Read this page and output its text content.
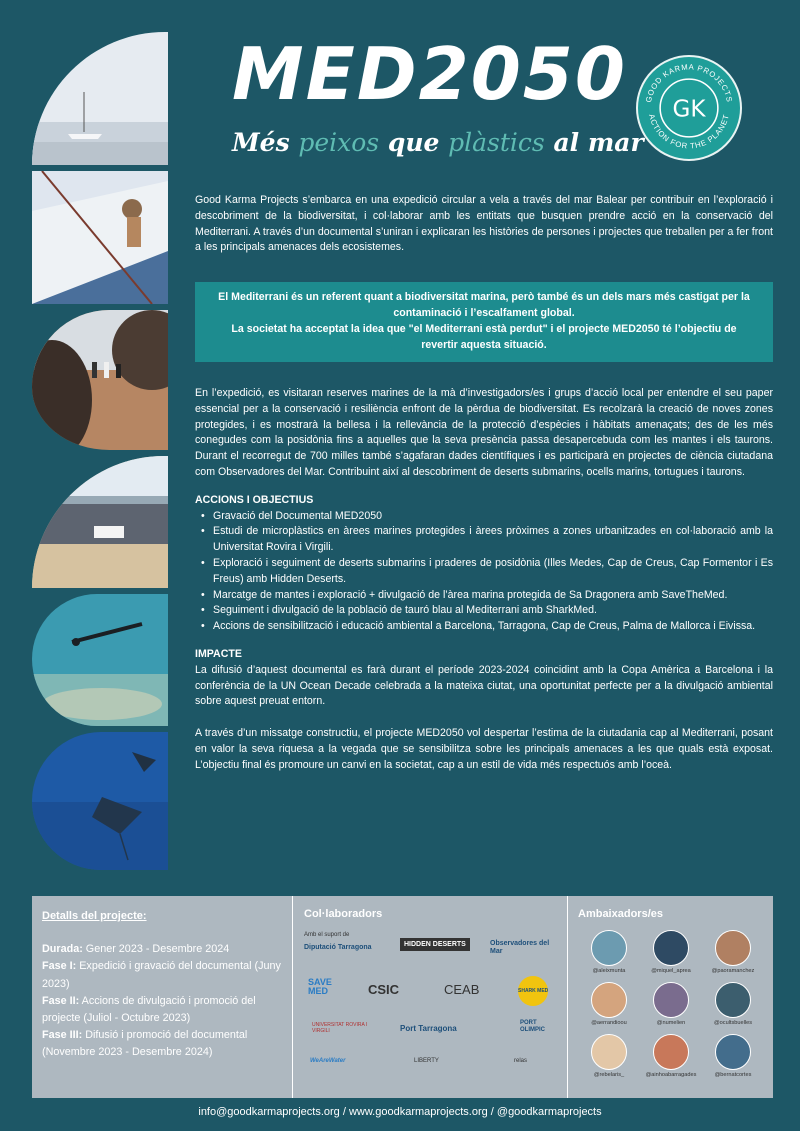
MED2050
Més peixos que plàstics al mar
GOOD KARMA PROJECTS
ACTION FOR THE PLANET
GK

Good Karma Projects s’embarca en una expedició circular a vela a través del mar Balear per contribuir en l’exploració i descobriment de la biodiversitat, i col·laborar amb les entitats que busquen prendre acció en la conservació del Mediterrani. A través d’un documental s’uniran i explicaran les històries de persones i projectes que treballen per a fer front a les principals amenaces dels ecosistemes.

El Mediterrani és un referent quant a biodiversitat marina, però també és un dels mars més castigat per la contaminació i l’escalfament global.
La societat ha acceptat la idea que "el Mediterrani està perdut" i el projecte MED2050 té l’objectiu de revertir aquesta situació.

En l’expedició, es visitaran reserves marines de la mà d’investigadors/es i grups d’acció local per entendre el seu paper essencial per a la conservació i resiliència enfront de la pèrdua de biodiversitat. Es recolzarà la creació de noves zones protegides, i es mostrarà la bellesa i la rellevància de la protecció d’espècies i hàbitats amenaçats; des de les més conegudes com la posidònia fins a aquelles que la seva presència passa desapercebuda com les mantes i els taurons. Durant el recorregut de 700 milles també s’agafaran dades científiques i es participarà en projectes de ciència ciutadana com Observadores del Mar. Contribuint així al descobriment de deserts submarins, ocells marins, tortugues i taurons.

ACCIONS I OBJECTIUS
• Gravació del Documental MED2050
• Estudi de microplàstics en àrees marines protegides i àrees pròximes a zones urbanitzades en col·laboració amb la Universitat Rovira i Virgili.
• Exploració i seguiment de deserts submarins i praderes de posidònia (Illes Medes, Cap de Creus, Cap Formentor i Es Freus) amb Hidden Deserts.
• Marcatge de mantes i exploració + divulgació de l’àrea marina protegida de Sa Dragonera amb SaveTheMed.
• Seguiment i divulgació de la població de tauró blau al Mediterrani amb SharkMed.
• Accions de sensibilització i educació ambiental a Barcelona, Tarragona, Cap de Creus, Palma de Mallorca i Eivissa.
IMPACTE

La difusió d’aquest documental es farà durant el període 2023-2024 coincidint amb la Copa Amèrica a Barcelona i la conferència de la UN Ocean Decade celebrada a la mateixa ciutat, una oportunitat perfecte per a la divulgació ambiental sobre aquest preuat entorn.

A través d’un missatge constructiu, el projecte MED2050 vol despertar l’estima de la ciutadania cap al Mediterrani, posant en valor la seva riquesa a la vegada que se sensibilitza sobre les principals amenaces a les que quals està exposat. L’objectiu final és promoure un canvi en la societat, cap a un estil de vida més respectuós amb l’oceà.

Detalls del projecte:
Durada: Gener 2023 - Desembre 2024
Fase I: Expedició i gravació del documental (Juny 2023)
Fase II: Accions de divulgació i promoció del projecte (Juliol - Octubre 2023)
Fase III: Difusió i promoció del documental (Novembre 2023 - Desembre 2024)
Col·laboradors
Amb el suport de
Diputació Tarragona	HIDDEN DESERTS	Observadores del Mar
SAVE MED	CSIC	CEAB	SHARK MED
UNIVERSITAT ROVIRA I VIRGILI	Port Tarragona
PORT OLIMPIC
WeAreWater	LIBERTY	relas
Ambaixadors/es
@aleixmunta	@miquel_aprea	@paoramanchez
@aerrandioou	@numelien	@ocultsbuelles
@rebelaris_	@ainhoabarragades	@bernatcortes
info@goodkarmaprojects.org / www.goodkarmaprojects.org / @goodkarmaprojects
